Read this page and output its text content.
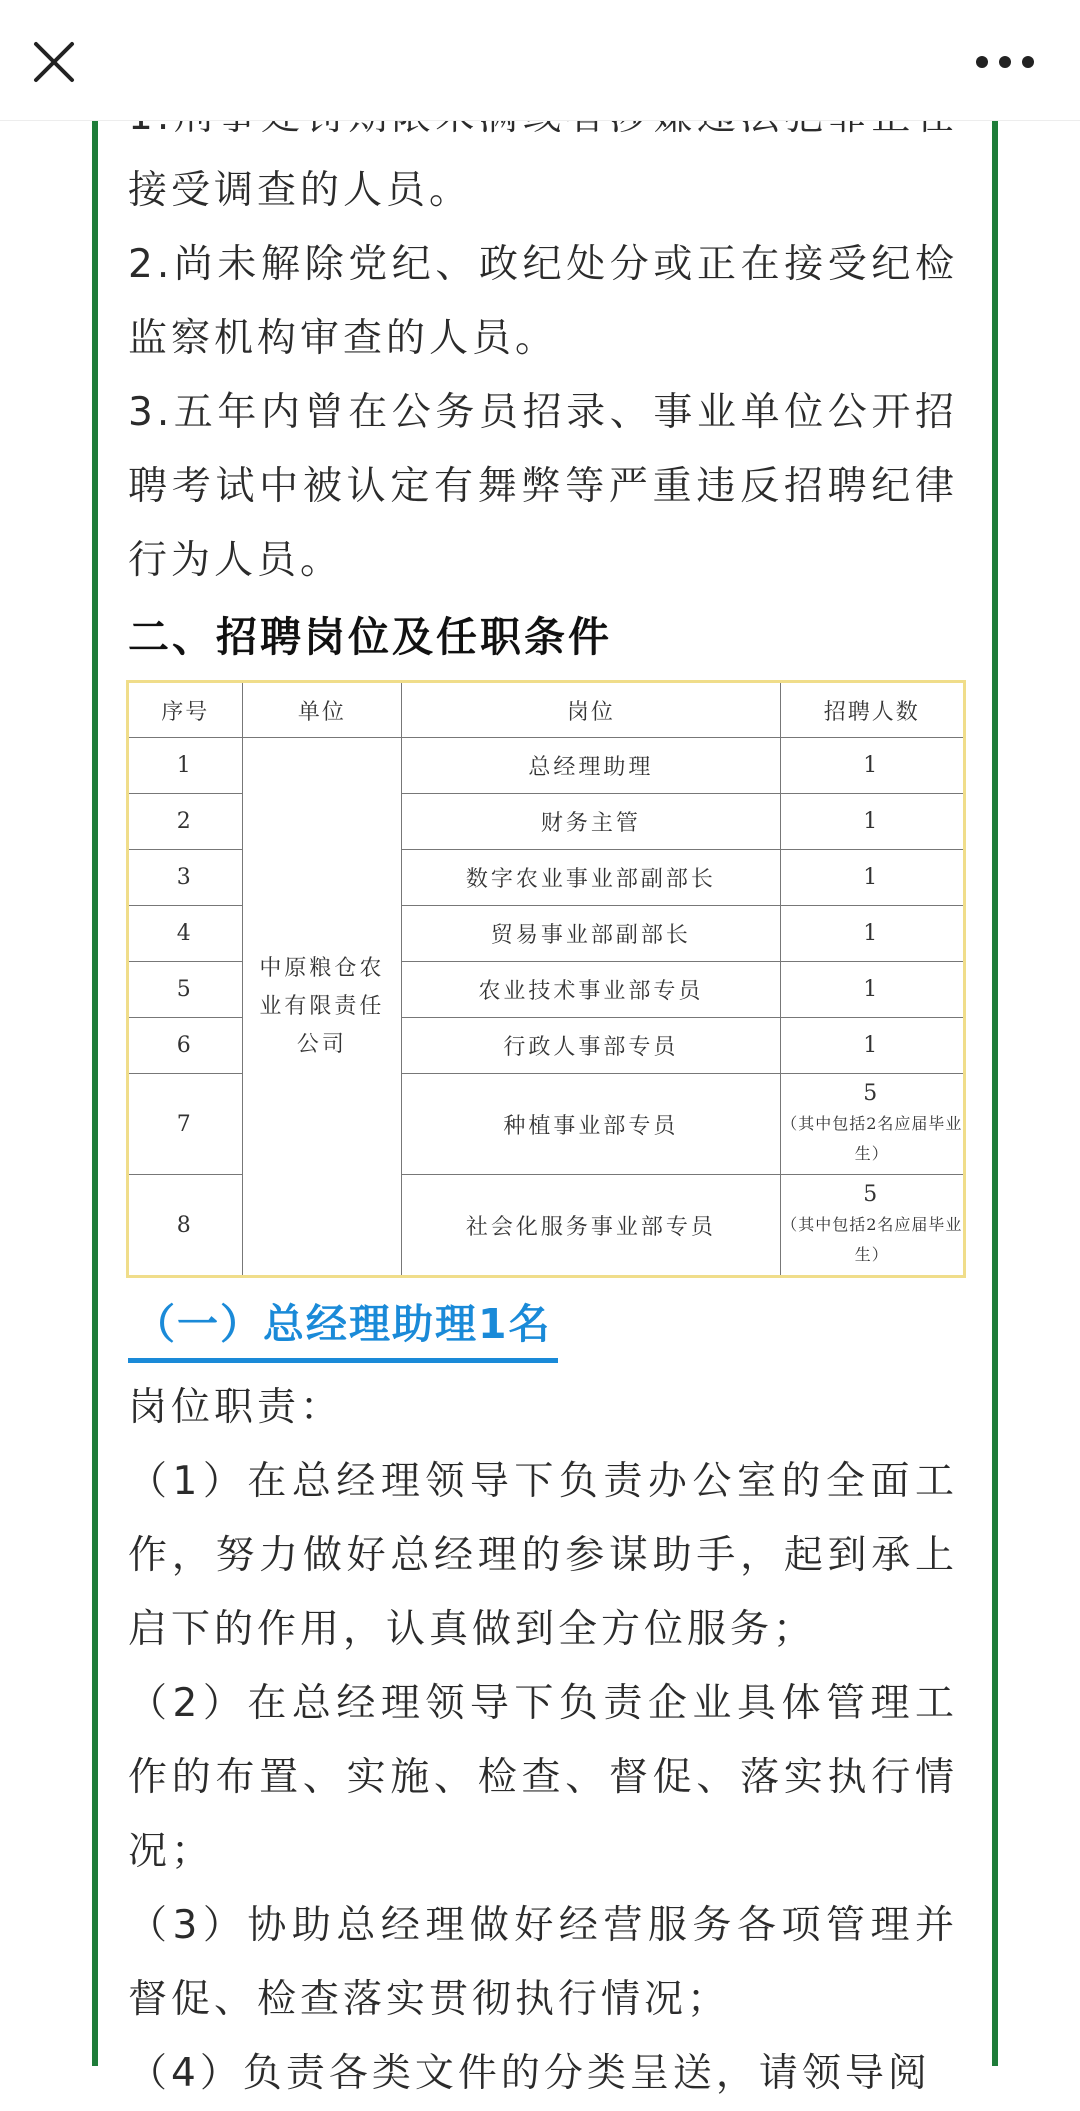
接受调查的人员。

2.尚未解除党纪、政纪处分或正在接受纪检监察机构审查的人员。

3.五年内曾在公务员招录、事业单位公开招聘考试中被认定有舞弊等严重违反招聘纪律行为人员。

二、招聘岗位及任职条件
序号	单位	岗位	招聘人数
1	中原粮仓农业有限责任公司	总经理助理	1
2		财务主管	1
3		数字农业事业部副部长	1
4		贸易事业部副部长	1
5		农业技术事业部专员	1
6		行政人事部专员	1
7		种植事业部专员	5
（其中包括2名应届毕业生）

8		社会化服务事业部专员	5
（其中包括2名应届毕业生）
（一）总经理助理1名

岗位职责：

（1）在总经理领导下负责办公室的全面工作，努力做好总经理的参谋助手，起到承上启下的作用，认真做到全方位服务；

（2）在总经理领导下负责企业具体管理工作的布置、实施、检查、督促、落实执行情况；

（3）协助总经理做好经营服务各项管理并督促、检查落实贯彻执行情况；

（4）负责各类文件的分类呈送，请领导阅
